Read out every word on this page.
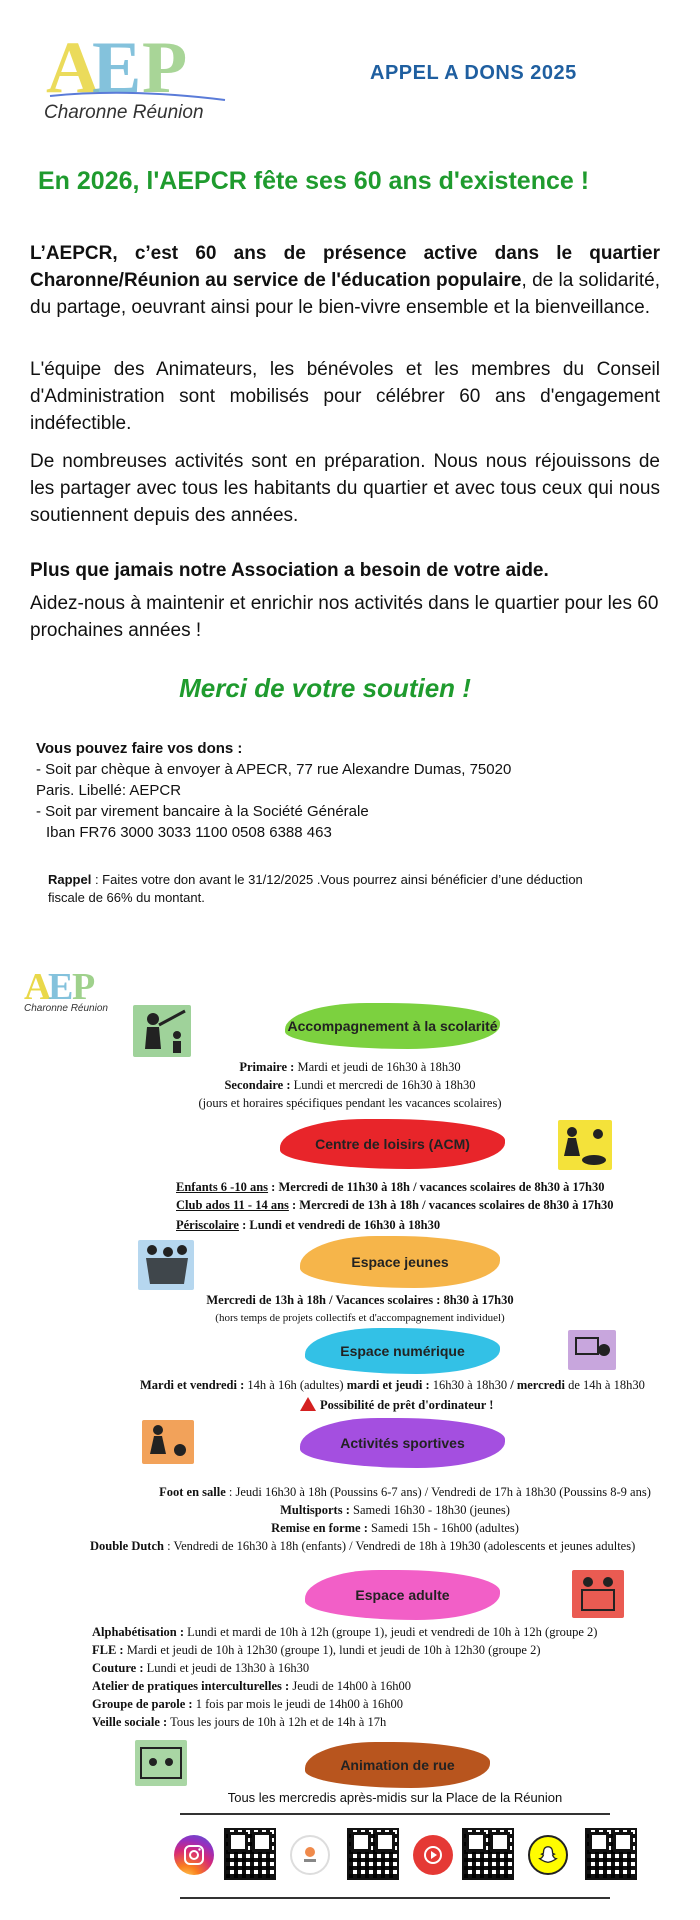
A
E P
Charonne Réunion
APPEL A DONS 2025
En 2026, l'AEPCR fête ses 60 ans d'existence !
L’AEPCR, c’est 60 ans de présence active dans le quartier Charonne/Réunion au service de l'éducation populaire, de la solidarité, du partage, oeuvrant ainsi pour le bien-vivre ensemble et la bienveillance.
L'équipe des Animateurs, les bénévoles et les membres du Conseil d'Administration sont mobilisés pour célébrer 60 ans d'engagement indéfectible.
De nombreuses activités sont en préparation. Nous nous réjouissons de les partager avec tous les habitants du quartier et avec tous ceux qui nous soutiennent depuis des années.
Plus que jamais notre Association a besoin de votre aide.
Aidez-nous à maintenir et enrichir nos activités dans le quartier pour les 60 prochaines années !
Merci de votre soutien !
Vous pouvez faire vos dons :
- Soit par chèque à envoyer à APECR, 77 rue Alexandre Dumas, 75020
Paris. Libellé: AEPCR
- Soit par virement bancaire à la Société Générale
Iban FR76 3000 3033 1100 0508 6388 463
Rappel : Faites votre don avant le 31/12/2025 .Vous pourrez ainsi bénéficier d’une déduction fiscale de 66% du montant.
A
E
P
Charonne Réunion
Accompagnement à la scolarité
Primaire : Mardi et jeudi de 16h30 à 18h30
Secondaire : Lundi et mercredi de 16h30 à 18h30
(jours et horaires spécifiques pendant les vacances scolaires)
Centre de loisirs (ACM)
Enfants 6 -10 ans : Mercredi de 11h30 à 18h / vacances scolaires de 8h30 à 17h30
Club ados 11 - 14 ans : Mercredi de 13h à 18h / vacances scolaires de 8h30 à 17h30
Périscolaire : Lundi et vendredi de 16h30 à 18h30
Espace jeunes
Mercredi de 13h à 18h / Vacances scolaires : 8h30 à 17h30
(hors temps de projets collectifs et d'accompagnement individuel)
Espace numérique
Mardi et vendredi : 14h à 16h (adultes) mardi et jeudi : 16h30 à 18h30 / mercredi de 14h à 18h30
Possibilité de prêt d'ordinateur !
Activités sportives
Foot en salle : Jeudi 16h30 à 18h (Poussins 6-7 ans) / Vendredi de 17h à 18h30 (Poussins 8-9 ans)
Multisports : Samedi 16h30 - 18h30 (jeunes)
Remise en forme : Samedi 15h - 16h00 (adultes)
Double Dutch : Vendredi de 16h30 à 18h (enfants) / Vendredi de 18h à 19h30 (adolescents et jeunes adultes)
Espace adulte
Alphabétisation : Lundi et mardi de 10h à 12h (groupe 1), jeudi et vendredi de 10h à 12h (groupe 2)
FLE : Mardi et jeudi de 10h à 12h30 (groupe 1), lundi et jeudi de 10h à 12h30 (groupe 2)
Couture : Lundi et jeudi de 13h30 à 16h30
Atelier de pratiques interculturelles : Jeudi de 14h00 à 16h00
Groupe de parole : 1 fois par mois le jeudi de 14h00 à 16h00
Veille sociale : Tous les jours de 10h à 12h et de 14h à 17h
Animation de rue
Tous les mercredis après-midis sur la Place de la Réunion
